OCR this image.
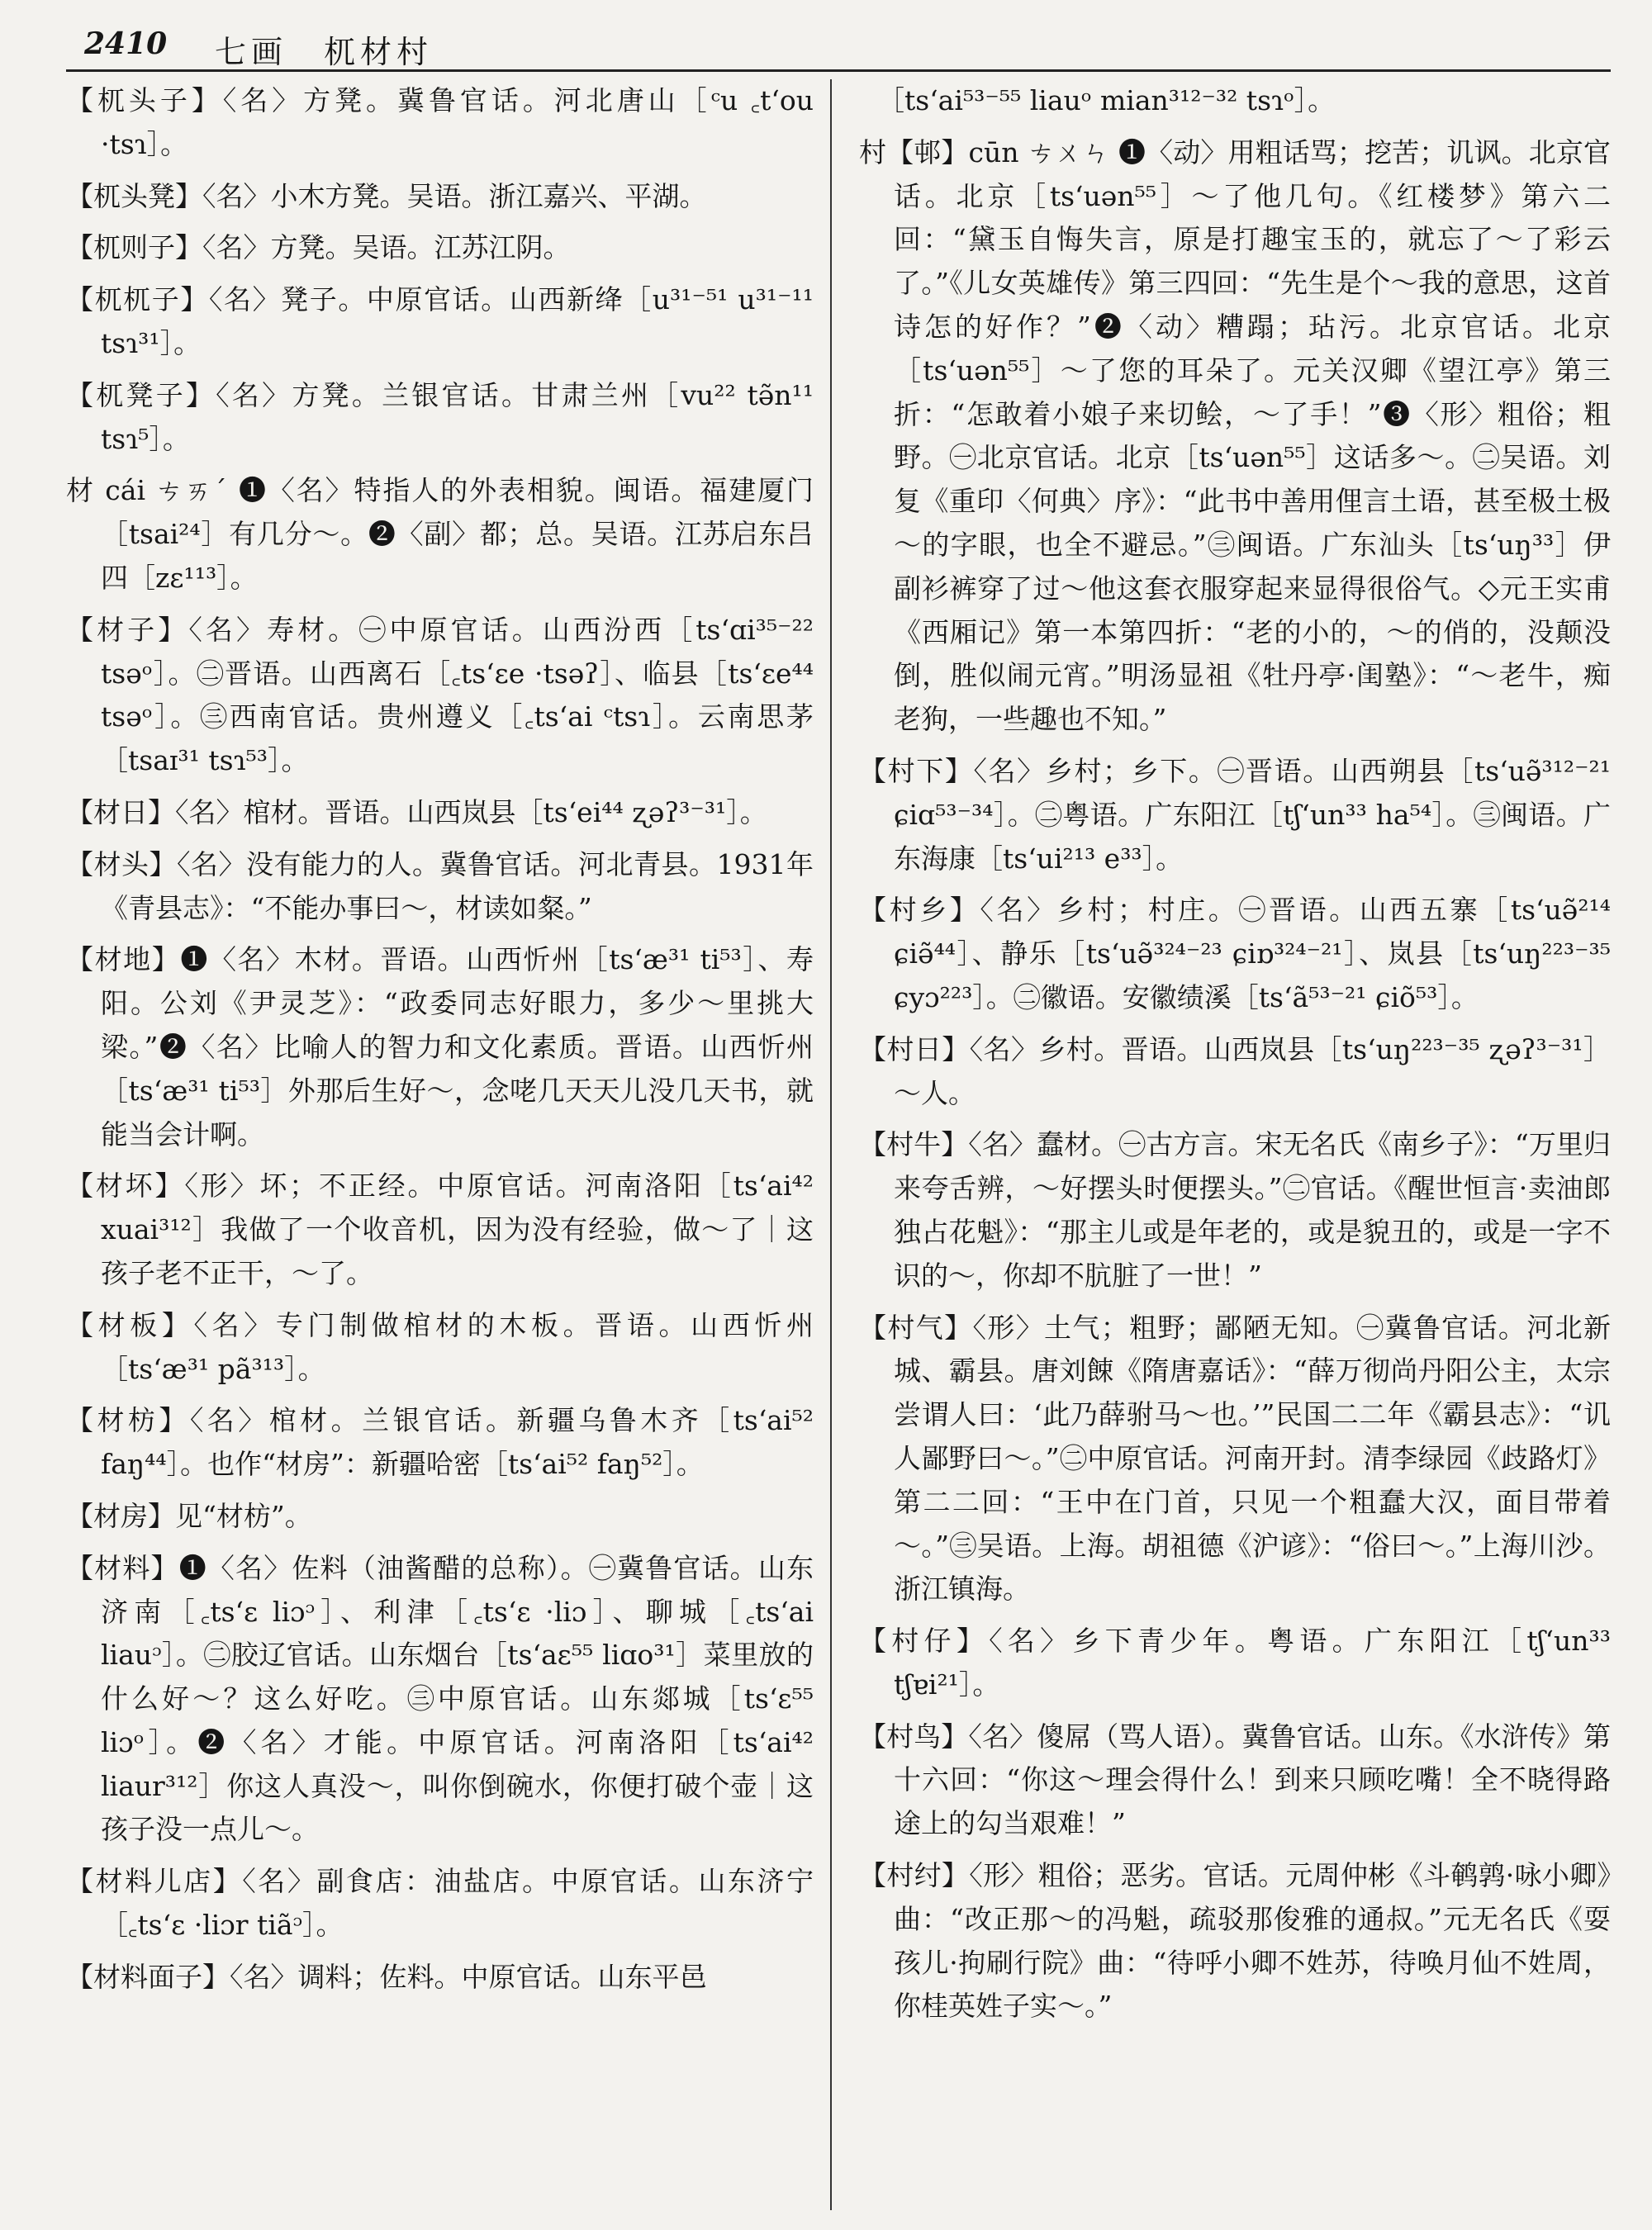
2410 七画　杌材村

【杌头子】〈名〉方凳。冀鲁官话。河北唐山［ᶜu ꜀tʻou ·tsɿ］。

【杌头凳】〈名〉小木方凳。吴语。浙江嘉兴、平湖。

【杌则子】〈名〉方凳。吴语。江苏江阴。

【杌杌子】〈名〉凳子。中原官话。山西新绛［u³¹⁻⁵¹ u³¹⁻¹¹ tsɿ³¹］。

【杌凳子】〈名〉方凳。兰银官话。甘肃兰州［vu²² tə̃n¹¹ tsɿ⁵］。

材 cái ㄘㄞˊ ❶〈名〉特指人的外表相貌。闽语。福建厦门［tsai²⁴］有几分～。❷〈副〉都；总。吴语。江苏启东吕四［zɛ¹¹³］。

【材子】〈名〉寿材。㊀中原官话。山西汾西［tsʻɑi³⁵⁻²² tsəᵒ］。㊁晋语。山西离石［꜀tsʻɛe ·tsəʔ］、临县［tsʻɛe⁴⁴ tsəᵒ］。㊂西南官话。贵州遵义［꜀tsʻai ᶜtsɿ］。云南思茅［tsaɪ³¹ tsɿ⁵³］。

【材日】〈名〉棺材。晋语。山西岚县［tsʻei⁴⁴ ʐəʔ³⁻³¹］。

【材头】〈名〉没有能力的人。冀鲁官话。河北青县。1931年《青县志》：“不能办事曰～，材读如粲。”

【材地】❶〈名〉木材。晋语。山西忻州［tsʻæ³¹ ti⁵³］、寿阳。公刘《尹灵芝》：“政委同志好眼力，多少～里挑大梁。”❷〈名〉比喻人的智力和文化素质。晋语。山西忻州［tsʻæ³¹ ti⁵³］外那后生好～，念咾几天天儿没几天书，就能当会计啊。

【材坏】〈形〉坏；不正经。中原官话。河南洛阳［tsʻai⁴² xuai³¹²］我做了一个收音机，因为没有经验，做～了｜这孩子老不正干，～了。

【材板】〈名〉专门制做棺材的木板。晋语。山西忻州［tsʻæ³¹ pã³¹³］。

【材枋】〈名〉棺材。兰银官话。新疆乌鲁木齐［tsʻai⁵² faŋ⁴⁴］。也作“材房”：新疆哈密［tsʻai⁵² faŋ⁵²］。

【材房】见“材枋”。

【材料】❶〈名〉佐料（油酱醋的总称）。㊀冀鲁官话。山东济南［꜀tsʻɛ liɔᵓ］、利津［꜀tsʻɛ ·liɔ］、聊城［꜀tsʻai liauᵓ］。㊁胶辽官话。山东烟台［tsʻaɛ⁵⁵ liɑo³¹］菜里放的什么好～？这么好吃。㊂中原官话。山东郯城［tsʻɛ⁵⁵ liɔᵒ］。❷〈名〉才能。中原官话。河南洛阳［tsʻai⁴² liaur³¹²］你这人真没～，叫你倒碗水，你便打破个壶｜这孩子没一点儿～。

【材料儿店】〈名〉副食店：油盐店。中原官话。山东济宁［꜀tsʻɛ ·liɔr tiãᵓ］。

【材料面子】〈名〉调料；佐料。中原官话。山东平邑

［tsʻai⁵³⁻⁵⁵ liauᵒ mian³¹²⁻³² tsɿᵒ］。

村【邨】cūn ㄘㄨㄣ ❶〈动〉用粗话骂；挖苦；讥讽。北京官话。北京［tsʻuən⁵⁵］～了他几句。《红楼梦》第六二回：“黛玉自悔失言，原是打趣宝玉的，就忘了～了彩云了。”《儿女英雄传》第三四回：“先生是个～我的意思，这首诗怎的好作？”❷〈动〉糟蹋；玷污。北京官话。北京［tsʻuən⁵⁵］～了您的耳朵了。元关汉卿《望江亭》第三折：“怎敢着小娘子来切鲙，～了手！”❸〈形〉粗俗；粗野。㊀北京官话。北京［tsʻuən⁵⁵］这话多～。㊁吴语。刘复《重印〈何典〉序》：“此书中善用俚言土语，甚至极土极～的字眼，也全不避忌。”㊂闽语。广东汕头［tsʻuŋ³³］伊副衫裤穿了过～他这套衣服穿起来显得很俗气。◇元王实甫《西厢记》第一本第四折：“老的小的，～的俏的，没颠没倒，胜似闹元宵。”明汤显祖《牡丹亭·闺塾》：“～老牛，痴老狗，一些趣也不知。”

【村下】〈名〉乡村；乡下。㊀晋语。山西朔县［tsʻuə̃³¹²⁻²¹ ɕiɑ⁵³⁻³⁴］。㊁粤语。广东阳江［tʃʻun³³ ha⁵⁴］。㊂闽语。广东海康［tsʻui²¹³ e³³］。

【村乡】〈名〉乡村；村庄。㊀晋语。山西五寨［tsʻuə̃²¹⁴ ɕiə̃⁴⁴］、静乐［tsʻuə̃³²⁴⁻²³ ɕiɒ³²⁴⁻²¹］、岚县［tsʻuŋ²²³⁻³⁵ ɕyɔ²²³］。㊁徽语。安徽绩溪［tsʻã⁵³⁻²¹ ɕiõ⁵³］。

【村日】〈名〉乡村。晋语。山西岚县［tsʻuŋ²²³⁻³⁵ ʐəʔ³⁻³¹］～人。

【村牛】〈名〉蠢材。㊀古方言。宋无名氏《南乡子》：“万里归来夸舌辨，～好摆头时便摆头。”㊁官话。《醒世恒言·卖油郎独占花魁》：“那主儿或是年老的，或是貌丑的，或是一字不识的～，你却不肮脏了一世！”

【村气】〈形〉土气；粗野；鄙陋无知。㊀冀鲁官话。河北新城、霸县。唐刘餗《隋唐嘉话》：“薛万彻尚丹阳公主，太宗尝谓人曰：‘此乃薛驸马～也。’”民国二二年《霸县志》：“讥人鄙野曰～。”㊁中原官话。河南开封。清李绿园《歧路灯》第二二回：“王中在门首，只见一个粗蠢大汉，面目带着～。”㊂吴语。上海。胡祖德《沪谚》：“俗曰～。”上海川沙。浙江镇海。

【村仔】〈名〉乡下青少年。粤语。广东阳江［tʃʻun³³ tʃɐi²¹］。

【村鸟】〈名〉傻屌（骂人语）。冀鲁官话。山东。《水浒传》第十六回：“你这～理会得什么！到来只顾吃嘴！全不晓得路途上的勾当艰难！”

【村纣】〈形〉粗俗；恶劣。官话。元周仲彬《斗鹌鹑·咏小卿》曲：“改正那～的冯魁，疏驳那俊雅的通叔。”元无名氏《耍孩儿·拘刷行院》曲：“待呼小卿不姓苏，待唤月仙不姓周，你桂英姓子实～。”
